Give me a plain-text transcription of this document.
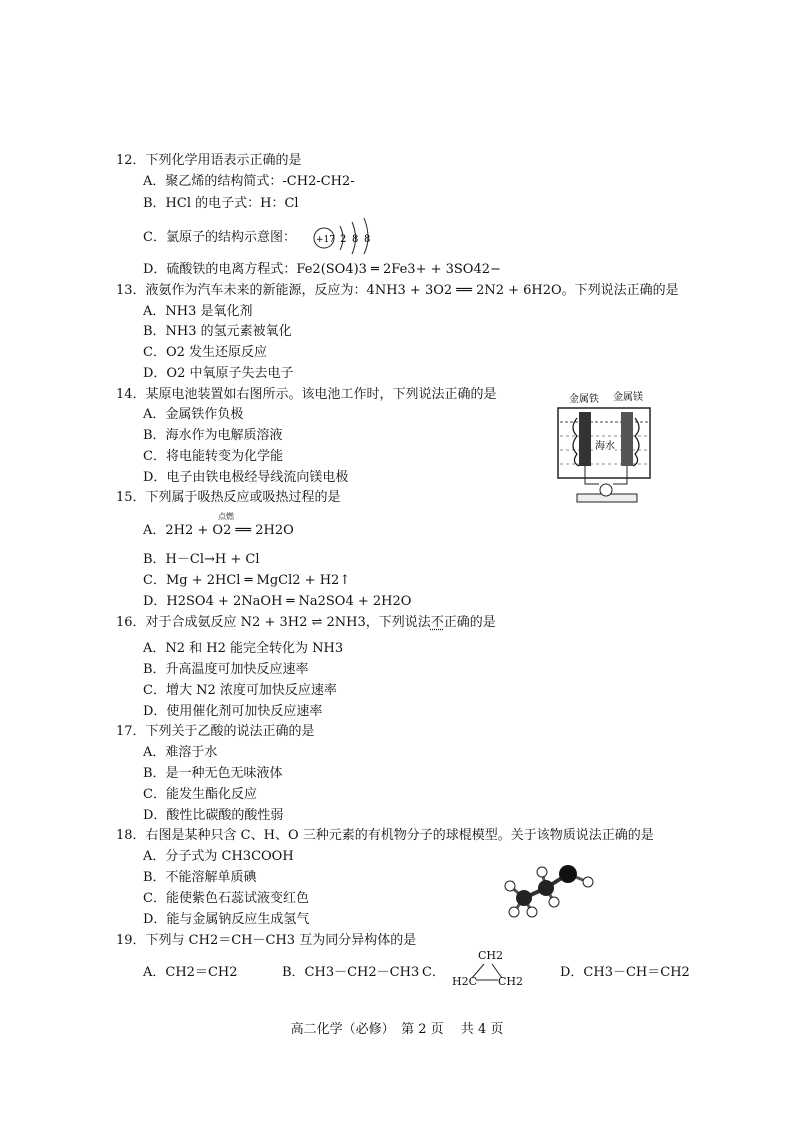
12．下列化学用语表示正确的是
A．聚乙烯的结构简式：-CH2-CH2-
B．HCl 的电子式：H：Cl
C．氯原子的结构示意图： +17 2 8 8
D．硫酸铁的电离方程式：Fe2(SO4)3 ═ 2Fe3+ + 3SO42−
13．液氨作为汽车未来的新能源，反应为：4NH3 + 3O2 ══ 2N2 + 6H2O。下列说法正确的是
A．NH3 是氧化剂
B．NH3 的氢元素被氧化
C．O2 发生还原反应
D．O2 中氧原子失去电子
14．某原电池装置如右图所示。该电池工作时，下列说法正确的是
A．金属铁作负极
B．海水作为电解质溶液
C．将电能转变为化学能
D．电子由铁电极经导线流向镁电极
金属铁 金属镁
海水
15．下列属于吸热反应或吸热过程的是
点燃
A．2H2 + O2 ══ 2H2O
B．H－Cl→H + Cl
C．Mg + 2HCl ═ MgCl2 + H2↑
D．H2SO4 + 2NaOH ═ Na2SO4 + 2H2O
16．对于合成氨反应 N2 + 3H2 ⇌ 2NH3，下列说法不正确的是
A．N2 和 H2 能完全转化为 NH3
B．升高温度可加快反应速率
C．增大 N2 浓度可加快反应速率
D．使用催化剂可加快反应速率
17．下列关于乙酸的说法正确的是
A．难溶于水
B．是一种无色无味液体
C．能发生酯化反应
D．酸性比碳酸的酸性弱
18．右图是某种只含 C、H、O 三种元素的有机物分子的球棍模型。关于该物质说法正确的是
A．分子式为 CH3COOH
B．不能溶解单质碘
C．能使紫色石蕊试液变红色
D．能与金属钠反应生成氢气
19．下列与 CH2＝CH－CH3 互为同分异构体的是
A．CH2＝CH2	B．CH3－CH2－CH3 C．
CH2
H2C CH2
D．CH3－CH＝CH2
高二化学（必修）　第 2 页　 共 4 页
